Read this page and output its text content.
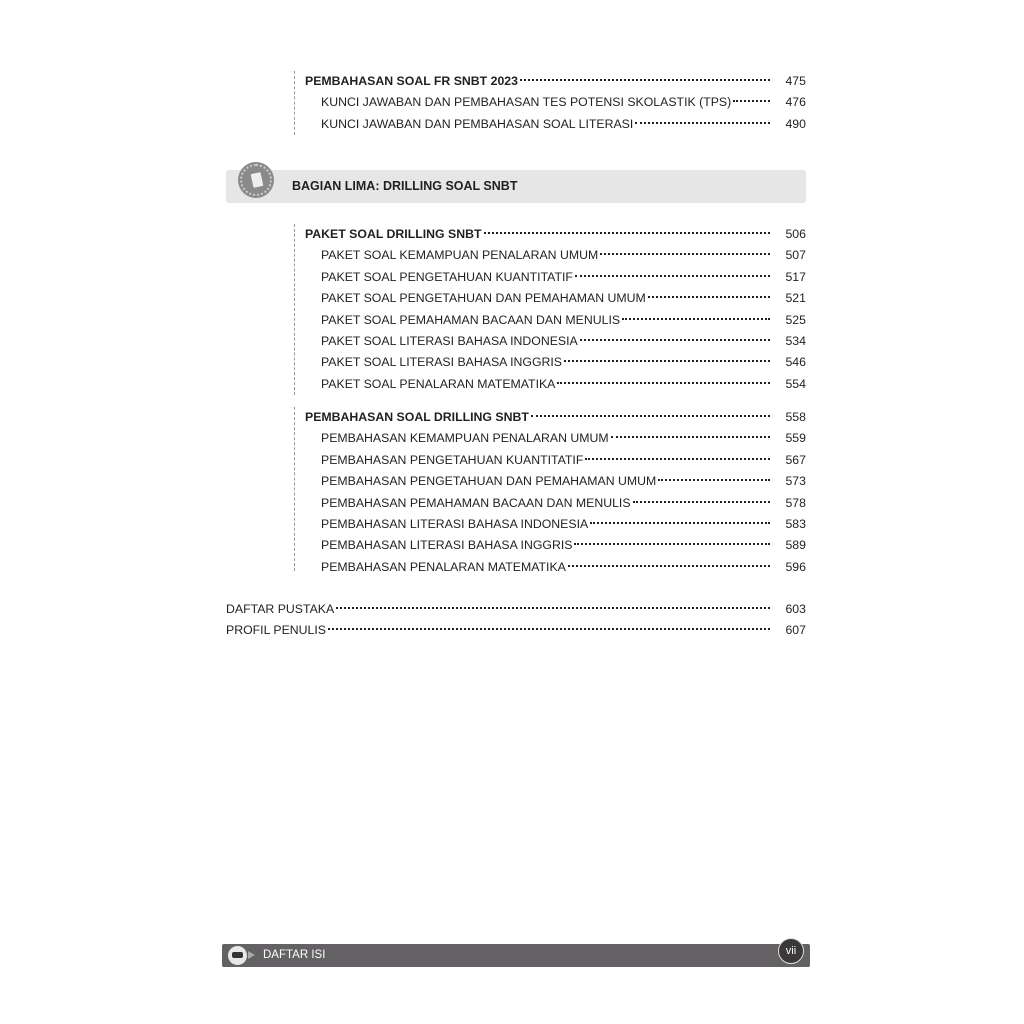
PEMBAHASAN SOAL FR SNBT 2023	475
KUNCI JAWABAN DAN PEMBAHASAN TES POTENSI SKOLASTIK (TPS)	476
KUNCI JAWABAN DAN PEMBAHASAN SOAL LITERASI	490
BAGIAN LIMA: DRILLING SOAL SNBT
PAKET SOAL DRILLING SNBT	506
PAKET SOAL KEMAMPUAN PENALARAN UMUM	507
PAKET SOAL PENGETAHUAN KUANTITATIF	517
PAKET SOAL PENGETAHUAN DAN PEMAHAMAN UMUM	521
PAKET SOAL PEMAHAMAN BACAAN DAN MENULIS	525
PAKET SOAL LITERASI BAHASA INDONESIA	534
PAKET SOAL LITERASI BAHASA INGGRIS	546
PAKET SOAL PENALARAN MATEMATIKA	554
PEMBAHASAN SOAL DRILLING SNBT	558
PEMBAHASAN KEMAMPUAN PENALARAN UMUM	559
PEMBAHASAN PENGETAHUAN KUANTITATIF	567
PEMBAHASAN PENGETAHUAN DAN PEMAHAMAN UMUM	573
PEMBAHASAN PEMAHAMAN BACAAN DAN MENULIS	578
PEMBAHASAN LITERASI BAHASA INDONESIA	583
PEMBAHASAN LITERASI BAHASA INGGRIS	589
PEMBAHASAN PENALARAN MATEMATIKA	596
DAFTAR PUSTAKA	603
PROFIL PENULIS	607
DAFTAR ISI	vii
